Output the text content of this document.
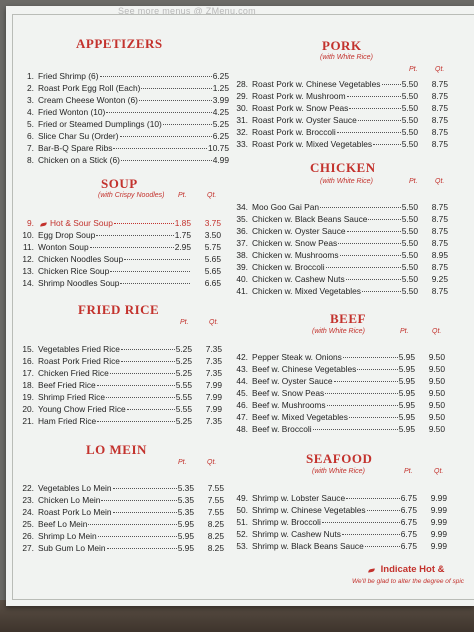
See more menus @ ZMenu.com
APPETIZERS
1. Fried Shrimp (6)	6.25
2. Roast Pork Egg Roll (Each)	1.25
3. Cream Cheese Wonton (6)	3.99
4. Fried Wonton (10)	4.25
5. Fried or Steamed Dumplings (10)	5.25
6. Slice Char Su (Order)	6.25
7. Bar-B-Q Spare Ribs	10.75
8. Chicken on a Stick (6)	4.99
SOUP
(with Crispy Noodles) Pt.	Qt.
9. Hot & Sour Soup	1.85	3.75
10. Egg Drop Soup	1.75	3.50
11. Wonton Soup	2.95	5.75
12. Chicken Noodles Soup	5.65
13. Chicken Rice Soup	5.65
14. Shrimp Noodles Soup	6.65
FRIED RICE
Pt.	Qt.
15. Vegetables Fried Rice	5.25	7.35
16. Roast Pork Fried Rice	5.25	7.35
17. Chicken Fried Rice	5.25	7.35
18. Beef Fried Rice	5.55	7.99
19. Shrimp Fried Rice	5.55	7.99
20. Young Chow Fried Rice	5.55	7.99
21. Ham Fried Rice	5.25	7.35
LO MEIN
Pt.	Qt.
22. Vegetables Lo Mein	5.35	7.55
23. Chicken Lo Mein	5.35	7.55
24. Roast Pork Lo Mein	5.35	7.55
25. Beef Lo Mein	5.95	8.25
26. Shrimp Lo Mein	5.95	8.25
27. Sub Gum Lo Mein	5.95	8.25
PORK
(with White Rice)
Pt. Qt.
28. Roast Pork w. Chinese Vegetables	5.50	8.75
29. Roast Pork w. Mushroom	5.50	8.75
30. Roast Pork w. Snow Peas	5.50	8.75
31. Roast Pork w. Oyster Sauce	5.50	8.75
32. Roast Pork w. Broccoli	5.50	8.75
33. Roast Pork w. Mixed Vegetables	5.50	8.75
CHICKEN
(with White Rice)	Pt. Qt.
34. Moo Goo Gai Pan	5.50	8.75
35. Chicken w. Black Beans Sauce	5.50	8.75
36. Chicken w. Oyster Sauce	5.50	8.75
37. Chicken w. Snow Peas	5.50	8.75
38. Chicken w. Mushrooms	5.50	8.95
39. Chicken w. Broccoli	5.50	8.75
40. Chicken w. Cashew Nuts	5.50	9.25
41. Chicken w. Mixed Vegetables	5.50	8.75
BEEF
(with White Rice)	Pt.	Qt.
42. Pepper Steak w. Onions	5.95	9.50
43. Beef w. Chinese Vegetables	5.95	9.50
44. Beef w. Oyster Sauce	5.95	9.50
45. Beef w. Snow Peas	5.95	9.50
46. Beef w. Mushrooms	5.95	9.50
47. Beef w. Mixed Vegetables	5.95	9.50
48. Beef w. Broccoli	5.95	9.50
SEAFOOD
(with White Rice)	Pt.	Qt.
49. Shrimp w. Lobster Sauce	6.75	9.99
50. Shrimp w. Chinese Vegetables	6.75	9.99
51. Shrimp w. Broccoli	6.75	9.99
52. Shrimp w. Cashew Nuts	6.75	9.99
53. Shrimp w. Black Beans Sauce	6.75	9.99
Indicate Hot &
We'll be glad to alter the degree of spic
